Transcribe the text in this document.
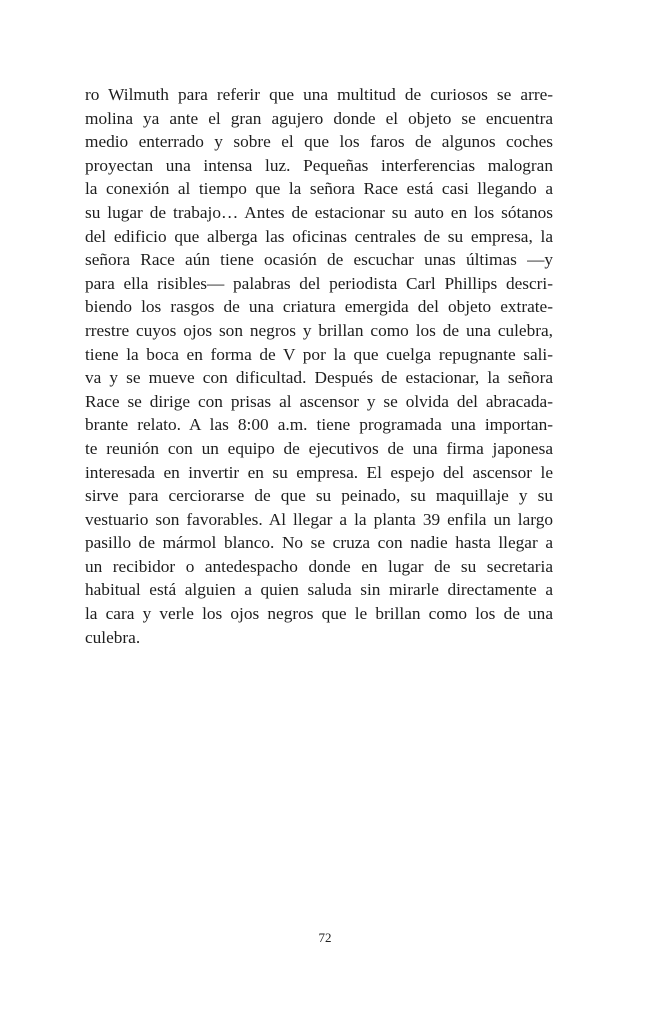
ro Wilmuth para referir que una multitud de curiosos se arre-
molina ya ante el gran agujero donde el objeto se encuentra
medio enterrado y sobre el que los faros de algunos coches
proyectan una intensa luz. Pequeñas interferencias malogran
la conexión al tiempo que la señora Race está casi llegando a
su lugar de trabajo… Antes de estacionar su auto en los sótanos
del edificio que alberga las oficinas centrales de su empresa, la
señora Race aún tiene ocasión de escuchar unas últimas —y
para ella risibles— palabras del periodista Carl Phillips descri-
biendo los rasgos de una criatura emergida del objeto extrate-
rrestre cuyos ojos son negros y brillan como los de una culebra,
tiene la boca en forma de V por la que cuelga repugnante sali-
va y se mueve con dificultad. Después de estacionar, la señora
Race se dirige con prisas al ascensor y se olvida del abracada-
brante relato. A las 8:00 a.m. tiene programada una importan-
te reunión con un equipo de ejecutivos de una firma japonesa
interesada en invertir en su empresa. El espejo del ascensor le
sirve para cerciorarse de que su peinado, su maquillaje y su
vestuario son favorables. Al llegar a la planta 39 enfila un largo
pasillo de mármol blanco. No se cruza con nadie hasta llegar a
un recibidor o antedespacho donde en lugar de su secretaria
habitual está alguien a quien saluda sin mirarle directamente a
la cara y verle los ojos negros que le brillan como los de una
culebra.
72
